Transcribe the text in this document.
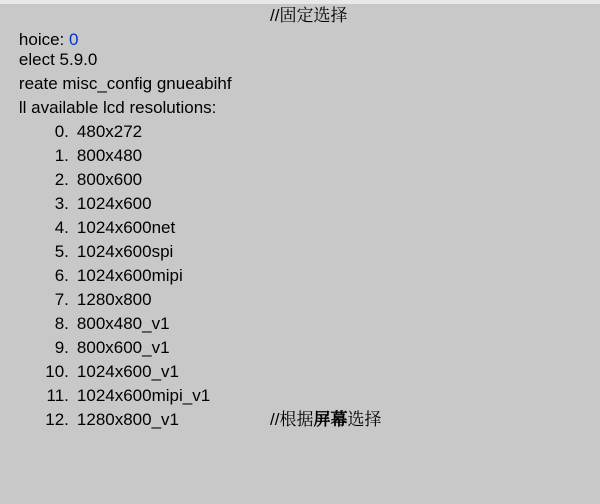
hoice: 0

//固定选择

elect 5.9.0

reate misc_config gnueabihf

ll available lcd resolutions:

0. 480x272

1. 800x480

2. 800x600

3. 1024x600

4. 1024x600net

5. 1024x600spi

6. 1024x600mipi

7. 1280x800

8. 800x480_v1

9. 800x600_v1

10. 1024x600_v1

11. 1024x600mipi_v1

12. 1280x800_v1

	//根据屏幕选择
